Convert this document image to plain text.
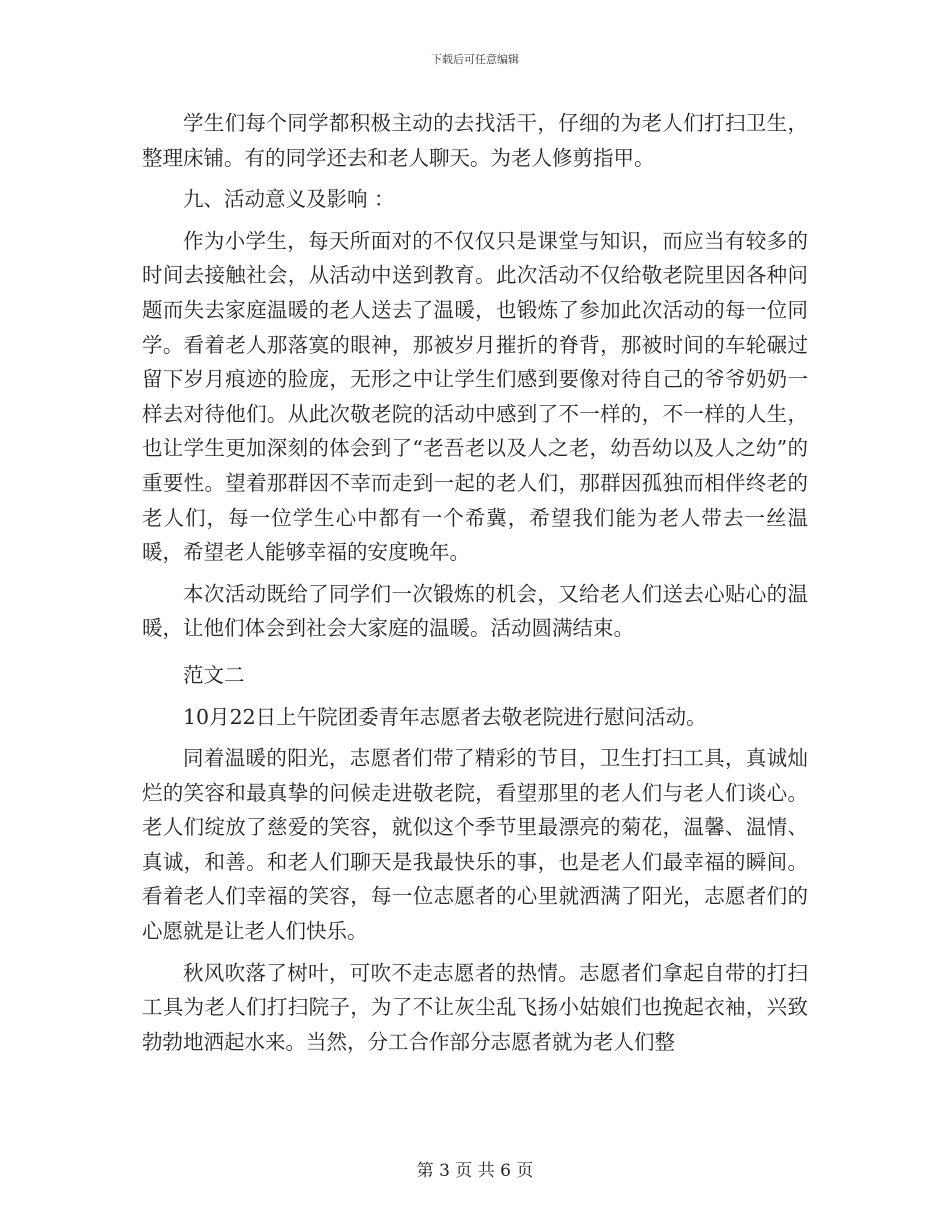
下载后可任意编辑

学生们每个同学都积极主动的去找活干，仔细的为老人们打扫卫生，整理床铺。有的同学还去和老人聊天。为老人修剪指甲。

九、活动意义及影响 ：

作为小学生，每天所面对的不仅仅只是课堂与知识，而应当有较多的时间去接触社会，从活动中送到教育。此次活动不仅给敬老院里因各种问题而失去家庭温暖的老人送去了温暖，也锻炼了参加此次活动的每一位同学。看着老人那落寞的眼神，那被岁月摧折的脊背，那被时间的车轮碾过留下岁月痕迹的脸庞，无形之中让学生们感到要像对待自己的爷爷奶奶一样去对待他们。从此次敬老院的活动中感到了不一样的，不一样的人生，也让学生更加深刻的体会到了“老吾老以及人之老，幼吾幼以及人之幼”的重要性。望着那群因不幸而走到一起的老人们，那群因孤独而相伴终老的老人们，每一位学生心中都有一个希冀，希望我们能为老人带去一丝温暖，希望老人能够幸福的安度晚年。

本次活动既给了同学们一次锻炼的机会，又给老人们送去心贴心的温暖，让他们体会到社会大家庭的温暖。活动圆满结束。

范文二

10月22日上午院团委青年志愿者去敬老院进行慰问活动。

同着温暖的阳光，志愿者们带了精彩的节目，卫生打扫工具，真诚灿烂的笑容和最真挚的问候走进敬老院，看望那里的老人们与老人们谈心。老人们绽放了慈爱的笑容，就似这个季节里最漂亮的菊花，温馨、温情、真诚，和善。和老人们聊天是我最快乐的事，也是老人们最幸福的瞬间。看着老人们幸福的笑容，每一位志愿者的心里就洒满了阳光，志愿者们的心愿就是让老人们快乐。

秋风吹落了树叶，可吹不走志愿者的热情。志愿者们拿起自带的打扫工具为老人们打扫院子，为了不让灰尘乱飞扬小姑娘们也挽起衣袖，兴致勃勃地洒起水来。当然，分工合作部分志愿者就为老人们整

第 3 页 共 6 页
